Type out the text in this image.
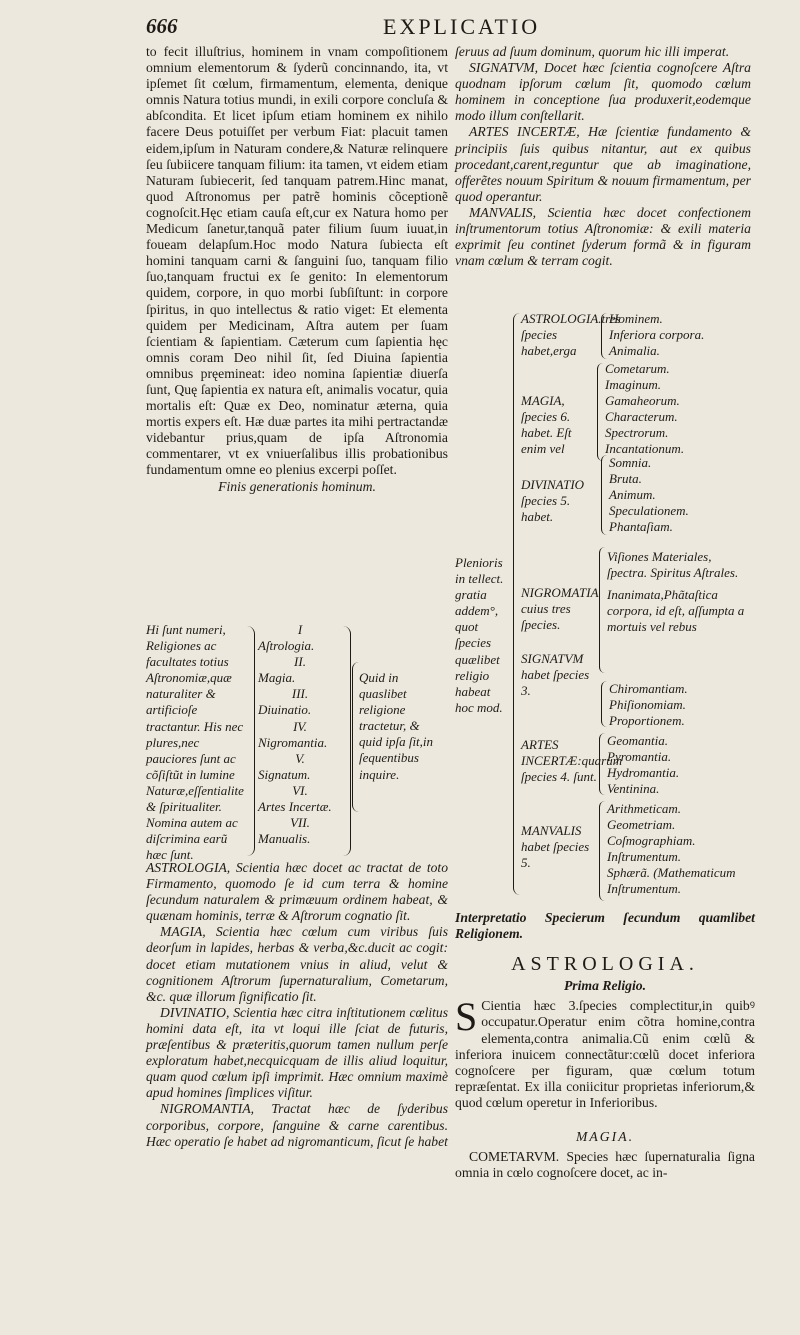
666	EXPLICATIO

to fecit illuſtrius, hominem in vnam compoſitionem omnium elementorum & ſyderũ concinnando, ita, vt ipſemet ſit cœlum, firmamentum, elementa, denique omnis Natura totius mundi, in exili corpore concluſa & abſcondita. Et licet ipſum etiam hominem ex nihilo facere Deus potuiſſet per verbum Fiat: placuit tamen eidem,ipſum in Naturam condere,& Naturæ relinquere ſeu ſubiicere tanquam filium: ita tamen, vt eidem etiam Naturam ſubiecerit, ſed tanquam patrem.Hinc manat, quod Aſtronomus per patrẽ hominis cõceptionẽ cognoſcit.Hęc etiam cauſa eſt,cur ex Natura homo per Medicum ſanetur,tanquã pater filium ſuum iuuat,in foueam delapſum.Hoc modo Natura ſubiecta eſt homini tanquam carni & ſanguini ſuo, tanquam filio ſuo,tanquam fructui ex ſe genito: In elementorum quidem, corpore, in quo morbi ſubſiſtunt: in corpore ſpiritus, in quo intellectus & ratio viget: Et elementa quidem per Medicinam, Aſtra autem per ſuam ſcientiam & ſapientiam. Cæterum cum ſapientia hęc omnis coram Deo nihil ſit, ſed Diuina ſapientia omnibus pręemineat: ideo nomina ſapientiæ diuerſa ſunt, Quę ſapientia ex natura eſt, animalis vocatur, quia mortalis eſt: Quæ ex Deo, nominatur æterna, quia mortis expers eſt. Hæ duæ partes ita mihi pertractandæ videbantur prius,quam de ipſa Aſtronomia commentarer, vt ex vniuerſalibus illis probationibus fundamentum omne eo plenius excerpi poſſet.

Finis generationis hominum.

Hi ſunt numeri, Religiones ac facultates totius Aſtronomiæ,quæ naturaliter & artificioſe tractantur. His nec plures,nec pauciores ſunt ac cõſiſtũt in lumine Naturæ,eſſentialite & ſpiritualiter. Nomina autem ac diſcrimina earũ hæc ſunt.
I
Aſtrologia.
II.
Magia.
III.
Diuinatio.
IV.
Nigromantia.
V.
Signatum.
VI.
Artes Incertæ.
VII.
Manualis.
Quid in quaslibet religione tractetur, & quid ipſa ſit,in ſequentibus inquire.

ASTROLOGIA, Scientia hæc docet ac tractat de toto Firmamento, quomodo ſe id cum terra & homine ſecundum naturalem & primæuum ordinem habeat, & quænam hominis, terræ & Aſtrorum cognatio ſit.

MAGIA, Scientia hæc cœlum cum viribus ſuis deorſum in lapides, herbas & verba,&c.ducit ac cogit: docet etiam mutationem vnius in aliud, velut & cognitionem Aſtrorum ſupernaturalium, Cometarum, &c. quæ illorum ſignificatio ſit.

DIVINATIO, Scientia hæc citra inſtitutionem cœlitus homini data eſt, ita vt loqui ille ſciat de futuris, præſentibus & præteritis,quorum tamen nullum perſe exploratum habet,necquicquam de illis aliud loquitur, quam quod cœlum ipſi imprimit. Hæc omnium maximè apud homines ſimplices viſitur.

NIGROMANTIA, Tractat hæc de ſyderibus corporibus, corpore, ſanguine & carne carentibus. Hæc operatio ſe habet ad nigromanticum, ſicut ſe habet

ſeruus ad ſuum dominum, quorum hic illi imperat.

SIGNATVM, Docet hæc ſcientia cognoſcere Aſtra quodnam ipſorum cœlum ſit, quomodo cœlum hominem in conceptione ſua produxerit,eodemque modo illum conſtellarit.

ARTES INCERTÆ, Hæ ſcientiæ fundamento & principiis ſuis quibus nitantur, aut ex quibus procedant,carent,reguntur que ab imaginatione, offerẽtes nouum Spiritum & nouum firmamentum, per quod operantur.

MANVALIS, Scientia hæc docet confectionem inſtrumentorum totius Aſtronomiæ: & exili materia exprimit ſeu continet ſyderum formã & in figuram vnam cœlum & terram cogit.

Plenioris in tellect. gratia addem°, quot ſpecies quælibet religio habeat hoc mod.
ASTROLOGIA.tres ſpecies habet,erga
Hominem.
Inferiora corpora.
Animalia.
MAGIA, ſpecies 6. habet. Eſt enim vel
Cometarum.
Imaginum.
Gamaheorum.
Characterum.
Spectrorum.
Incantationum.
DIVINATIO ſpecies 5. habet.
Somnia.
Bruta.
Animum.
Speculationem.
Phantaſiam.
NIGROMATIA cuius tres ſpecies.
Viſiones Materiales, ſpectra. Spiritus Aſtrales.
Inanimata,Phãtaſtica corpora, id eſt, aſſumpta a mortuis vel rebus
SIGNATVM habet ſpecies 3.	Chiromantiam.
Phiſionomiam.
Proportionem.
ARTES INCERTÆ:quarum ſpecies 4. ſunt.
Geomantia.
Pyromantia.
Hydromantia.
Ventinina.
MANVALIS habet ſpecies 5.
Arithmeticam.
Geometriam.
Coſmographiam.
Inſtrumentum.
Sphærã. (Mathematicum Inſtrumentum.

Interpretatio Specierum ſecundum quamlibet Religionem.

ASTROLOGIA.

Prima Religio.

S Cientia hæc 3.ſpecies complectitur,in quibꝰ occupatur.Operatur enim cõtra homine,contra elementa,contra animalia.Cũ enim cœlũ & inferiora inuicem connectãtur:cœlũ docet inferiora cognoſcere per figuram, quæ cœlum totum repræſentat. Ex illa coniicitur proprietas inferiorum,& quod cœlum operetur in Inferioribus.

MAGIA.

COMETARVM. Species hæc ſupernaturalia ſigna omnia in cœlo cognoſcere docet, ac in-
